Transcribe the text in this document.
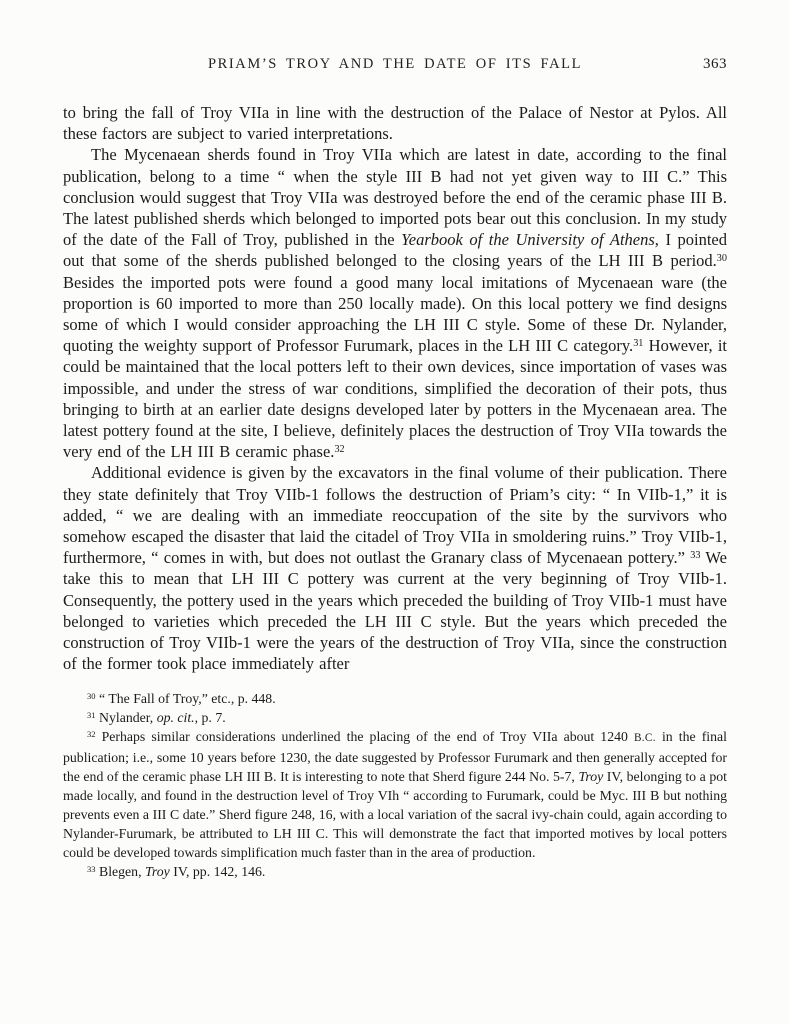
PRIAM’S TROY AND THE DATE OF ITS FALL	363

to bring the fall of Troy VIIa in line with the destruction of the Palace of Nestor at Pylos. All these factors are subject to varied interpretations.

The Mycenaean sherds found in Troy VIIa which are latest in date, according to the final publication, belong to a time “ when the style III B had not yet given way to III C.” This conclusion would suggest that Troy VIIa was destroyed before the end of the ceramic phase III B. The latest published sherds which belonged to imported pots bear out this conclusion. In my study of the date of the Fall of Troy, published in the Yearbook of the University of Athens, I pointed out that some of the sherds published belonged to the closing years of the LH III B period.$^{30}$ Besides the imported pots were found a good many local imitations of Mycenaean ware (the proportion is 60 imported to more than 250 locally made). On this local pottery we find designs some of which I would consider approaching the LH III C style. Some of these Dr. Nylander, quoting the weighty support of Professor Furumark, places in the LH III C category.$^{31}$ However, it could be maintained that the local potters left to their own devices, since importation of vases was impossible, and under the stress of war conditions, simplified the decoration of their pots, thus bringing to birth at an earlier date designs developed later by potters in the Mycenaean area. The latest pottery found at the site, I believe, definitely places the destruction of Troy VIIa towards the very end of the LH III B ceramic phase.$^{32}$

Additional evidence is given by the excavators in the final volume of their publication. There they state definitely that Troy VIIb-1 follows the destruction of Priam’s city: “ In VIIb-1,” it is added, “ we are dealing with an immediate reoccupation of the site by the survivors who somehow escaped the disaster that laid the citadel of Troy VIIa in smoldering ruins.” Troy VIIb-1, furthermore, “ comes in with, but does not outlast the Granary class of Mycenaean pottery.” $^{33}$ We take this to mean that LH III C pottery was current at the very beginning of Troy VIIb-1. Consequently, the pottery used in the years which preceded the building of Troy VIIb-1 must have belonged to varieties which preceded the LH III C style. But the years which preceded the construction of Troy VIIb-1 were the years of the destruction of Troy VIIa, since the construction of the former took place immediately after

$^{30}$ “ The Fall of Troy,” etc., p. 448.

$^{31}$ Nylander, op. cit., p. 7.

$^{32}$ Perhaps similar considerations underlined the placing of the end of Troy VIIa about 1240 B.C. in the final publication; i.e., some 10 years before 1230, the date suggested by Professor Furumark and then generally accepted for the end of the ceramic phase LH III B. It is interesting to note that Sherd figure 244 No. 5-7, Troy IV, belonging to a pot made locally, and found in the destruction level of Troy VIh “ according to Furumark, could be Myc. III B but nothing prevents even a III C date.” Sherd figure 248, 16, with a local variation of the sacral ivy-chain could, again according to Nylander-Furumark, be attributed to LH III C. This will demonstrate the fact that imported motives by local potters could be developed towards simplification much faster than in the area of production.

$^{33}$ Blegen, Troy IV, pp. 142, 146.
